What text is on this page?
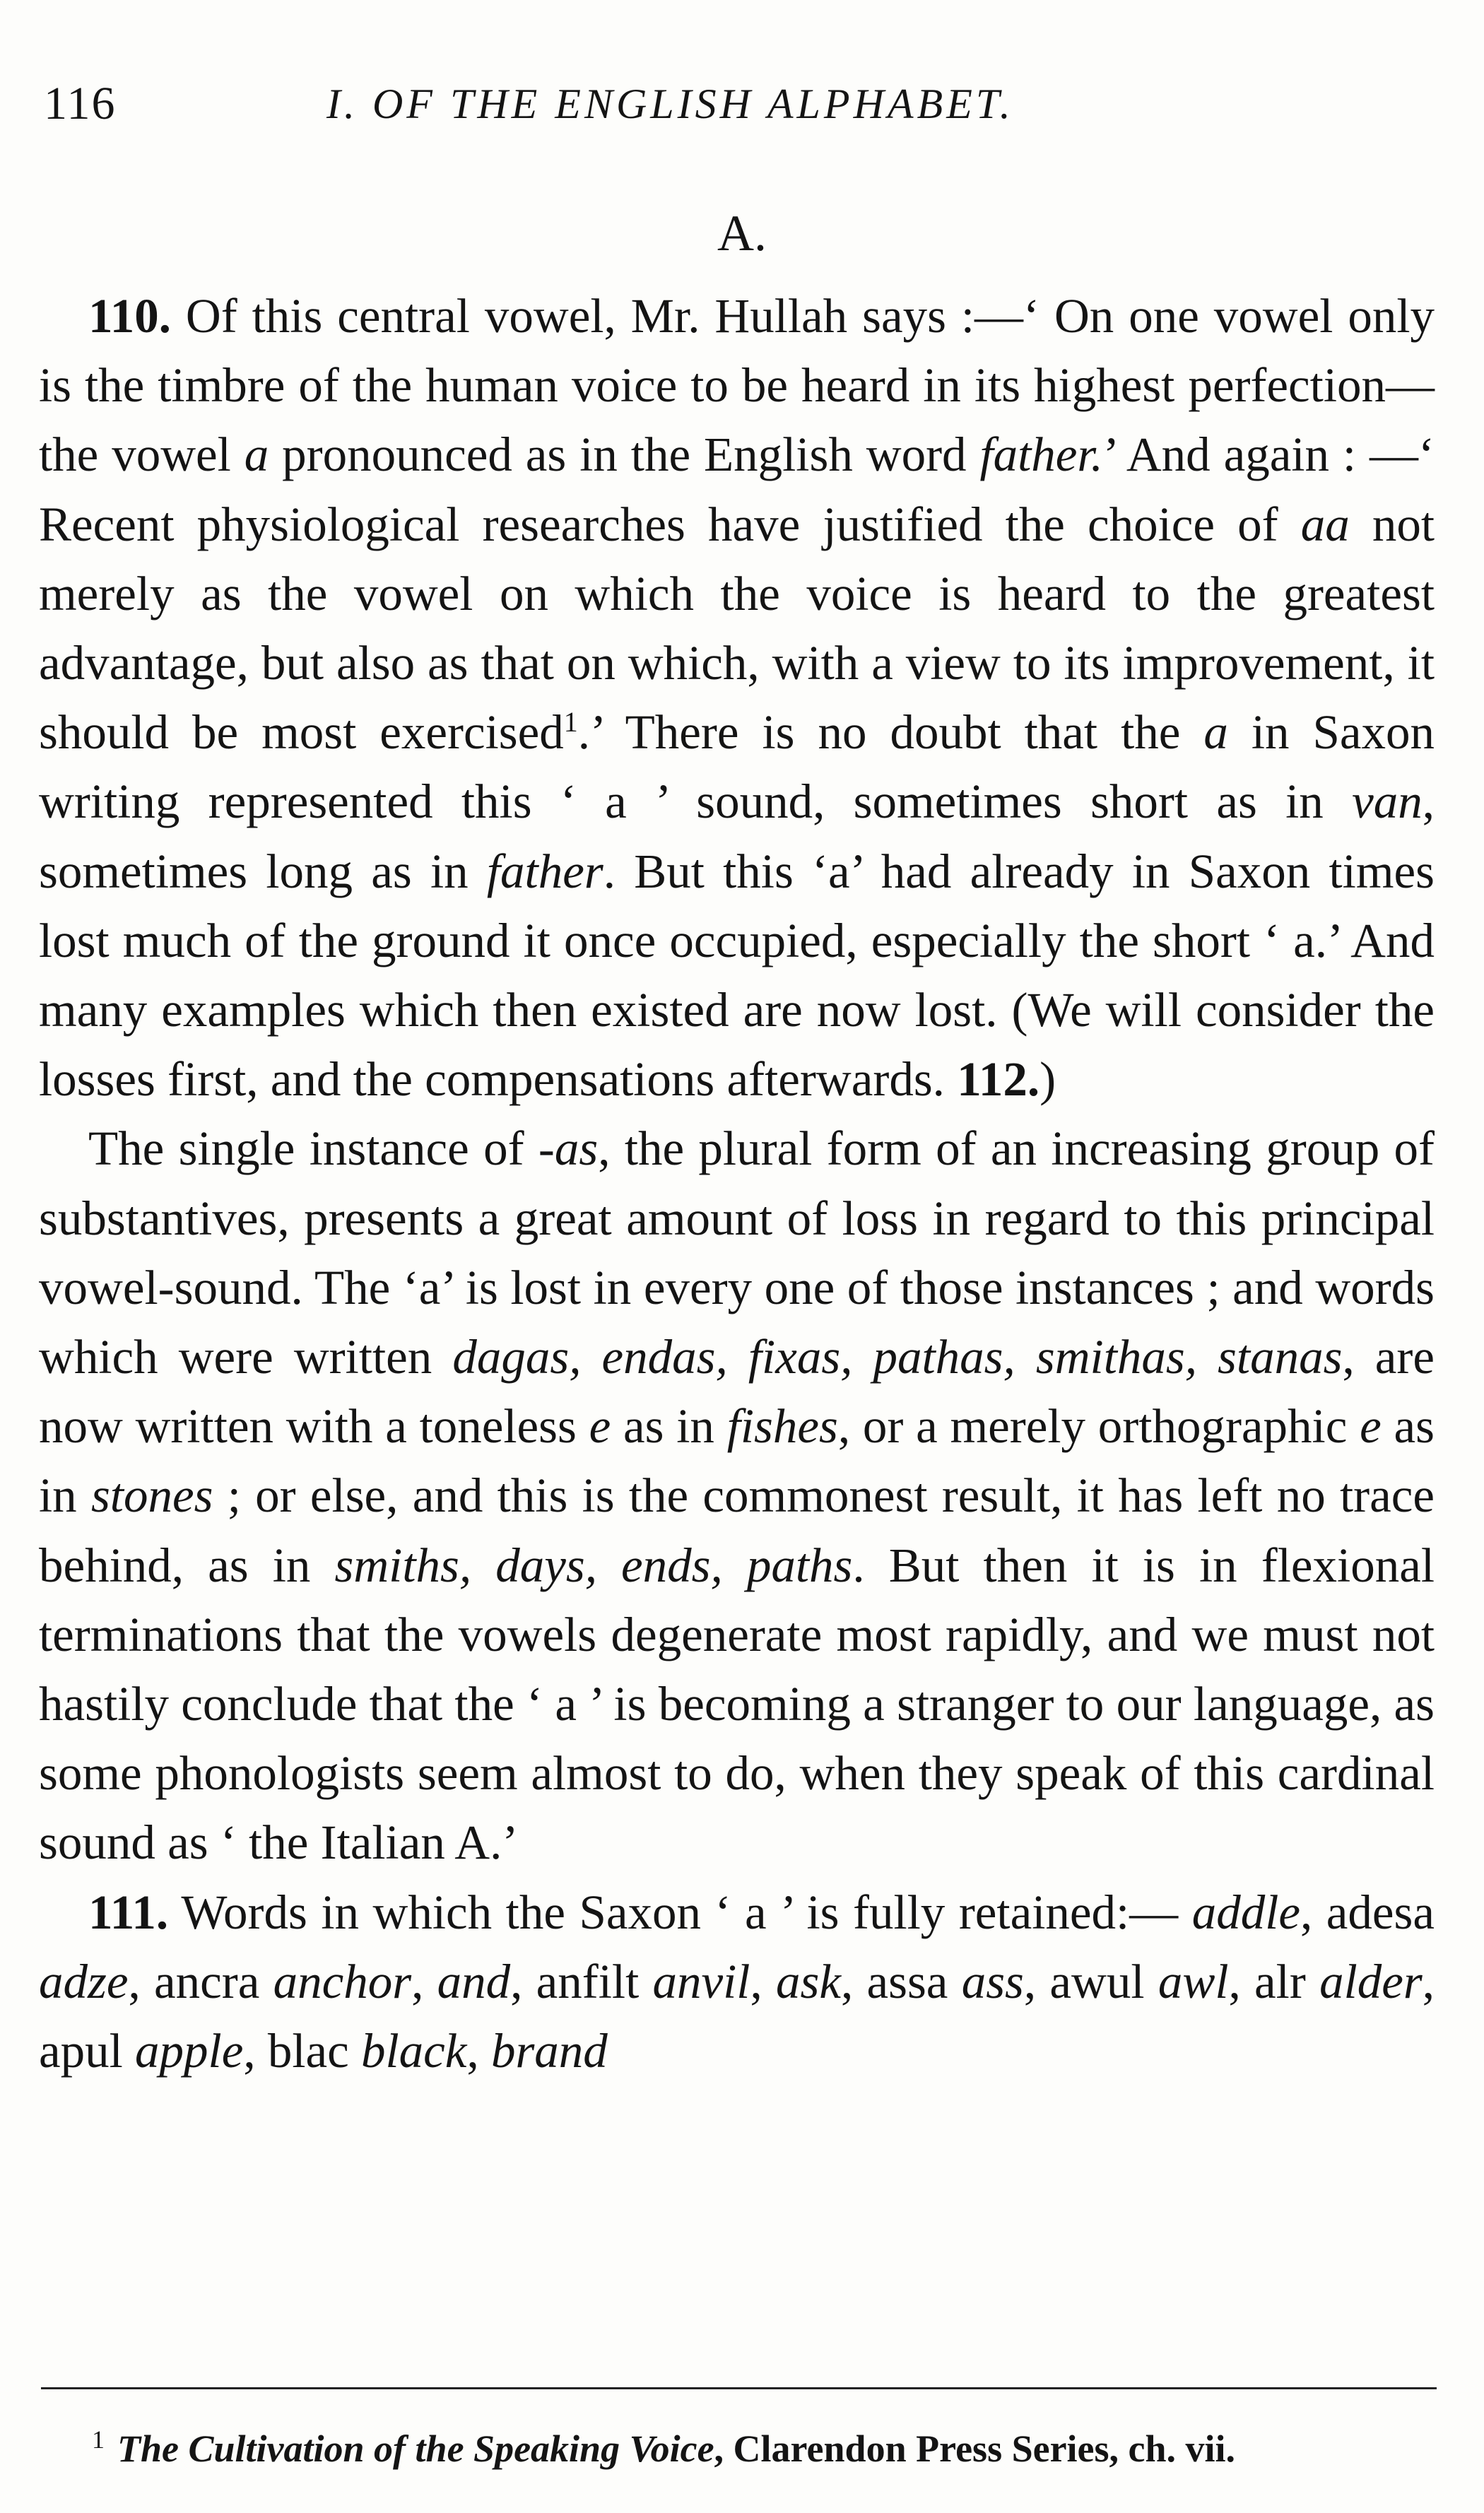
116	I. OF THE ENGLISH ALPHABET.
A.

110. Of this central vowel, Mr. Hullah says :—‘ On one vowel only is the timbre of the human voice to be heard in its highest perfection—the vowel a pronounced as in the English word father.’ And again : —‘ Recent physiological researches have justified the choice of aa not merely as the vowel on which the voice is heard to the greatest advantage, but also as that on which, with a view to its improvement, it should be most exercised$^1$.’ There is no doubt that the a in Saxon writing represented this ‘ a ’ sound, sometimes short as in van, sometimes long as in father. But this ‘a’ had already in Saxon times lost much of the ground it once occupied, especially the short ‘ a.’ And many examples which then existed are now lost. (We will consider the losses first, and the compensations afterwards. 112.)

The single instance of -as, the plural form of an increasing group of substantives, presents a great amount of loss in regard to this principal vowel-sound. The ‘a’ is lost in every one of those instances ; and words which were written dagas, endas, fixas, pathas, smithas, stanas, are now written with a toneless e as in fishes, or a merely orthographic e as in stones ; or else, and this is the commonest result, it has left no trace behind, as in smiths, days, ends, paths. But then it is in flexional terminations that the vowels degenerate most rapidly, and we must not hastily conclude that the ‘ a ’ is becoming a stranger to our language, as some phonologists seem almost to do, when they speak of this cardinal sound as ‘ the Italian A.’

111. Words in which the Saxon ‘ a ’ is fully retained:— addle, adesa adze, ancra anchor, and, anfilt anvil, ask, assa ass, awul awl, alr alder, apul apple, blac black, brand

$^1$ The Cultivation of the Speaking Voice, Clarendon Press Series, ch. vii.
